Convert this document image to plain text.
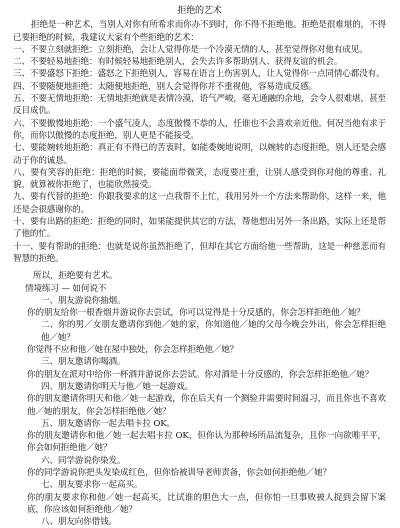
拒绝的艺术

拒绝是一种艺术，当别人对你有所希求而你办不到时，你不得不拒绝他。拒绝是很难堪的，不得已要拒绝的时候，我建议大家有个些拒绝的艺术：

一、不要立刻就拒绝：立刻拒绝，会让人觉得你是一个冷漠无情的人，甚至觉得你对他有成见。

二、不要轻易地拒绝：有时候轻易地拒绝别人，会失去许多帮助别人、获得友谊的机会。

三、不要盛怒下拒绝：盛怒之下拒绝别人，容易在语言上伤害别人，让人觉得你一点同情心都没有。

四、不要随便地拒绝：太随便地拒绝，别人会觉得你并不重视他，容易造成反感。

五、不要无情地拒绝：无情地拒绝就是表情冷漠，语气严峻，毫无通融的余地，会令人很难堪，甚至反目成仇。

六、不要傲慢地拒绝：一个盛气凌人，态度傲慢不恭的人，任谁也不会喜欢亲近他。何况当他有求于你，而你以傲慢的态度拒绝，别人更是不能接受。

七、要能婉转地拒绝：真正有不得已的苦衷时，如能委婉地说明，以婉转的态度拒绝，别人还是会感动于你的诚恳。

八、要有笑容的拒绝：拒绝的时候，要能面带微笑，态度要庄重，让别人感受到你对他的尊重、礼貌，就算被你拒绝了，也能欣然接受。

九、要有代替的拒绝：你跟我要求的这一点我帮不上忙，我用另外一个方法来帮助你，这样一来，他还是会很感谢你的。

十、要有出路的拒绝：拒绝的同时，如果能提供其它的方法，帮他想出另外一条出路，实际上还是帮了他的忙。

十一、要有帮助的拒绝：也就是说你虽然拒绝了，但却在其它方面给他一些帮助，这是一种慈悲而有智慧的拒绝。

所以，拒绝要有艺术。

情境练习 — 如何说不

一、朋友游说你抽烟。

你的朋友给你一根香烟并游说你去尝试，你可以觉得是十分反感的，你会怎样拒绝他／她？

二、你的男／女朋友邀请你到他／她的家，你知道他／她的父母今晚会外出，你会怎样拒绝他／她？

你觉得不应和他／她在屋中独处，你会怎样拒绝他／她？

三、朋友邀请你喝酒。

你的朋友在派对中给你一杯酒并游说你去尝试。你对酒是十分反感的，你会怎样拒绝他／她？

四、朋友邀请你明天与他／她一起游戏。

你的朋友邀请你明天和他／她一起游戏，你在后天有一个测验并需要时间温习，而且你也不喜欢他／她的朋友，你会怎样拒绝他／她？

五、朋友邀请你一起去唱卡拉 OK。

你的朋友邀请你和他／她一起去唱卡拉 OK，但你认为那种场所品流复杂，且你一向欲唯平平，你会如何拒绝他／她？

六、同学游说你染发。

你的同学游说你把头发染成红色，但你恰被训导老师责备，你会如何拒绝他／她？

七、朋友要求你一起高买。

你的朋友要求你和他／她一起高买，比试谁的胆色大一点，但你怕一旦事败被人捉到会留下案底，你应该如何拒绝他／她？

八、朋友向你借钱。
